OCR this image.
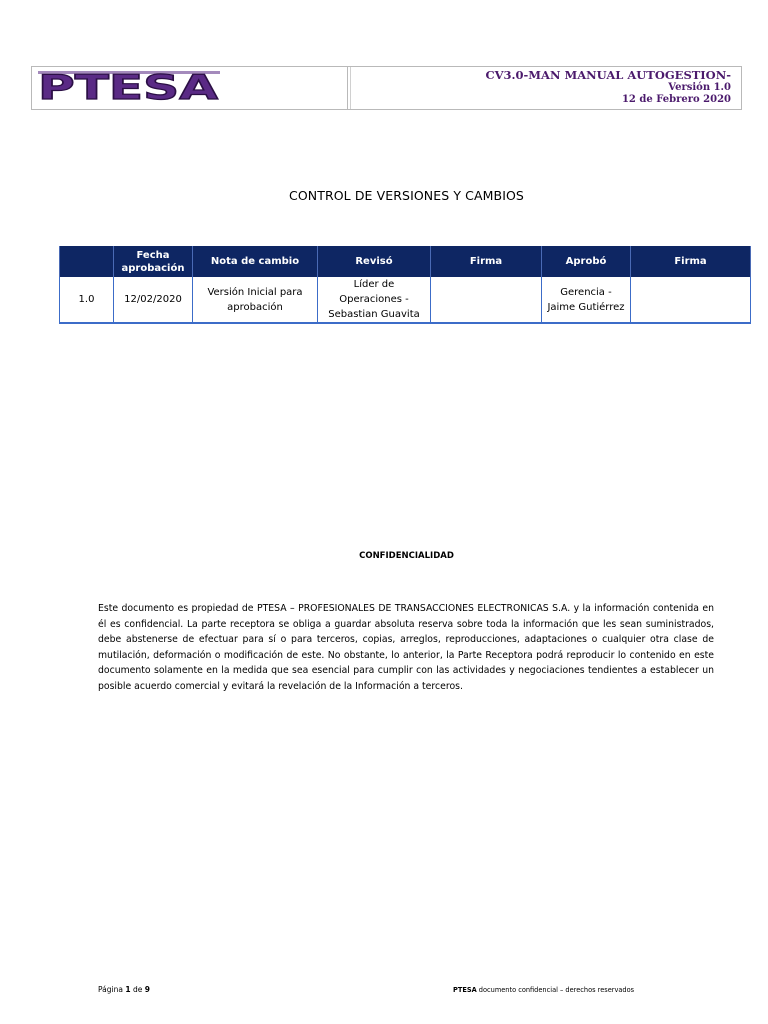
PTESA	CV3.0-MAN MANUAL AUTOGESTION-
Versión 1.0
12 de Febrero 2020
CONTROL DE VERSIONES Y CAMBIOS
	Fecha aprobación	Nota de cambio	Revisó	Firma	Aprobó	Firma
1.0	12/02/2020	Versión Inicial para aprobación	Líder de Operaciones - Sebastian Guavita		Gerencia - Jaime Gutiérrez	
CONFIDENCIALIDAD
Este documento es propiedad de PTESA – PROFESIONALES DE TRANSACCIONES ELECTRONICAS S.A. y la información contenida en él es confidencial. La parte receptora se obliga a guardar absoluta reserva sobre toda la información que les sean suministrados, debe abstenerse de efectuar para sí o para terceros, copias, arreglos, reproducciones, adaptaciones o cualquier otra clase de mutilación, deformación o modificación de este. No obstante, lo anterior, la Parte Receptora podrá reproducir lo contenido en este documento solamente en la medida que sea esencial para cumplir con las actividades y negociaciones tendientes a establecer un posible acuerdo comercial y evitará la revelación de la Información a terceros.
Página 1 de 9	PTESA documento confidencial – derechos reservados
